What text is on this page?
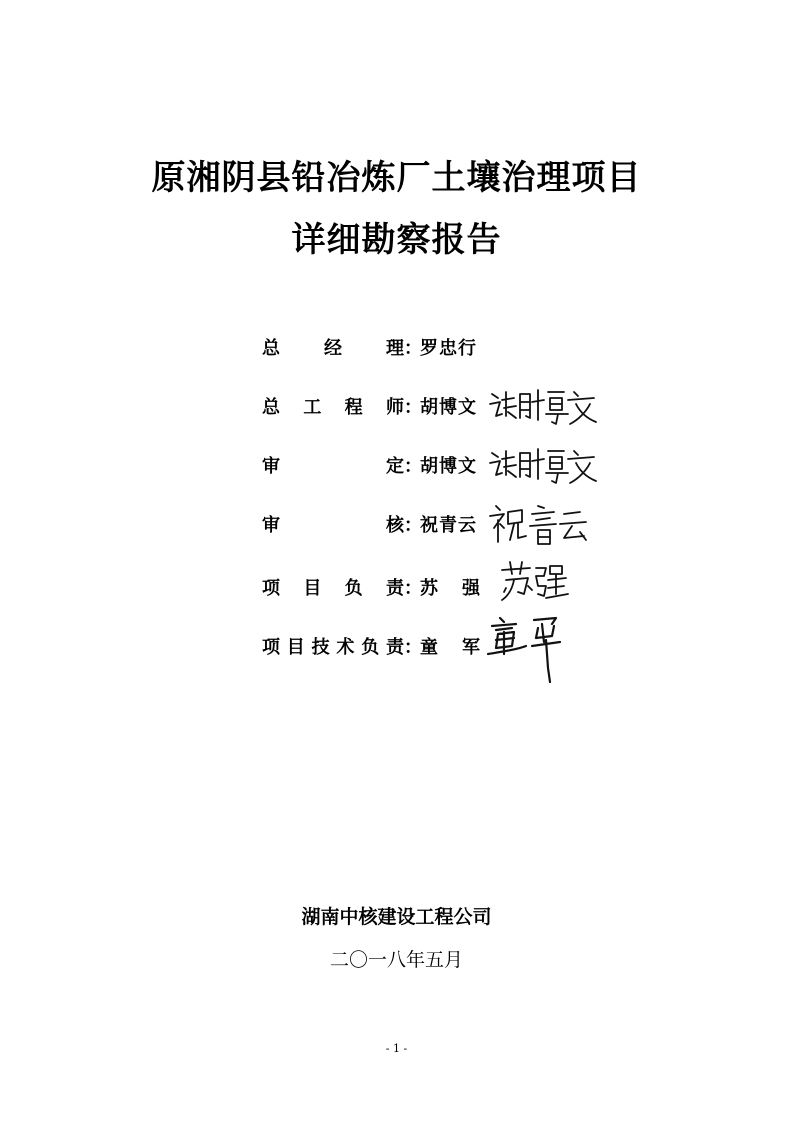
原湘阴县铅冶炼厂土壤治理项目
详细勘察报告
总 经 理 ：
罗忠行
总 工 程 师 ：
胡博文
审	定 ：
胡博文
审	核 ：
祝青云
项 目 负 责 ：
苏强
项 目 技 术 负 责 ：
童军
湖南中核建设工程公司
二〇一八年五月
- 1 -
